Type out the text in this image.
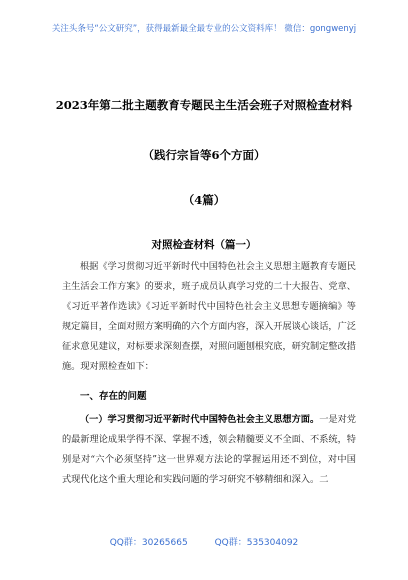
关注头条号“公文研究”，获得最新最全最专业的公文资料库！ 微信：gongwenyj
2023年第二批主题教育专题民主生活会班子对照检查材料
（践行宗旨等6个方面）
（4篇）
对照检查材料（篇一）
根据《学习贯彻习近平新时代中国特色社会主义思想主题教育专题民主生活会工作方案》的要求，班子成员认真学习党的二十大报告、党章、《习近平著作选读》《习近平新时代中国特色社会主义思想专题摘编》等规定篇目，全面对照方案明确的六个方面内容，深入开展谈心谈话，广泛征求意见建议，对标要求深刻查摆，对照问题刨根究底，研究制定整改措施。现对照检查如下：
一、存在的问题
（一）学习贯彻习近平新时代中国特色社会主义思想方面。一是对党的最新理论成果学得不深、掌握不透，领会精髓要义不全面、不系统，特别是对“六个必须坚持”这一世界观方法论的掌握运用还不到位，对中国式现代化这个重大理论和实践问题的学习研究不够精细和深入。二
QQ群：30265665	QQ群：535304092
